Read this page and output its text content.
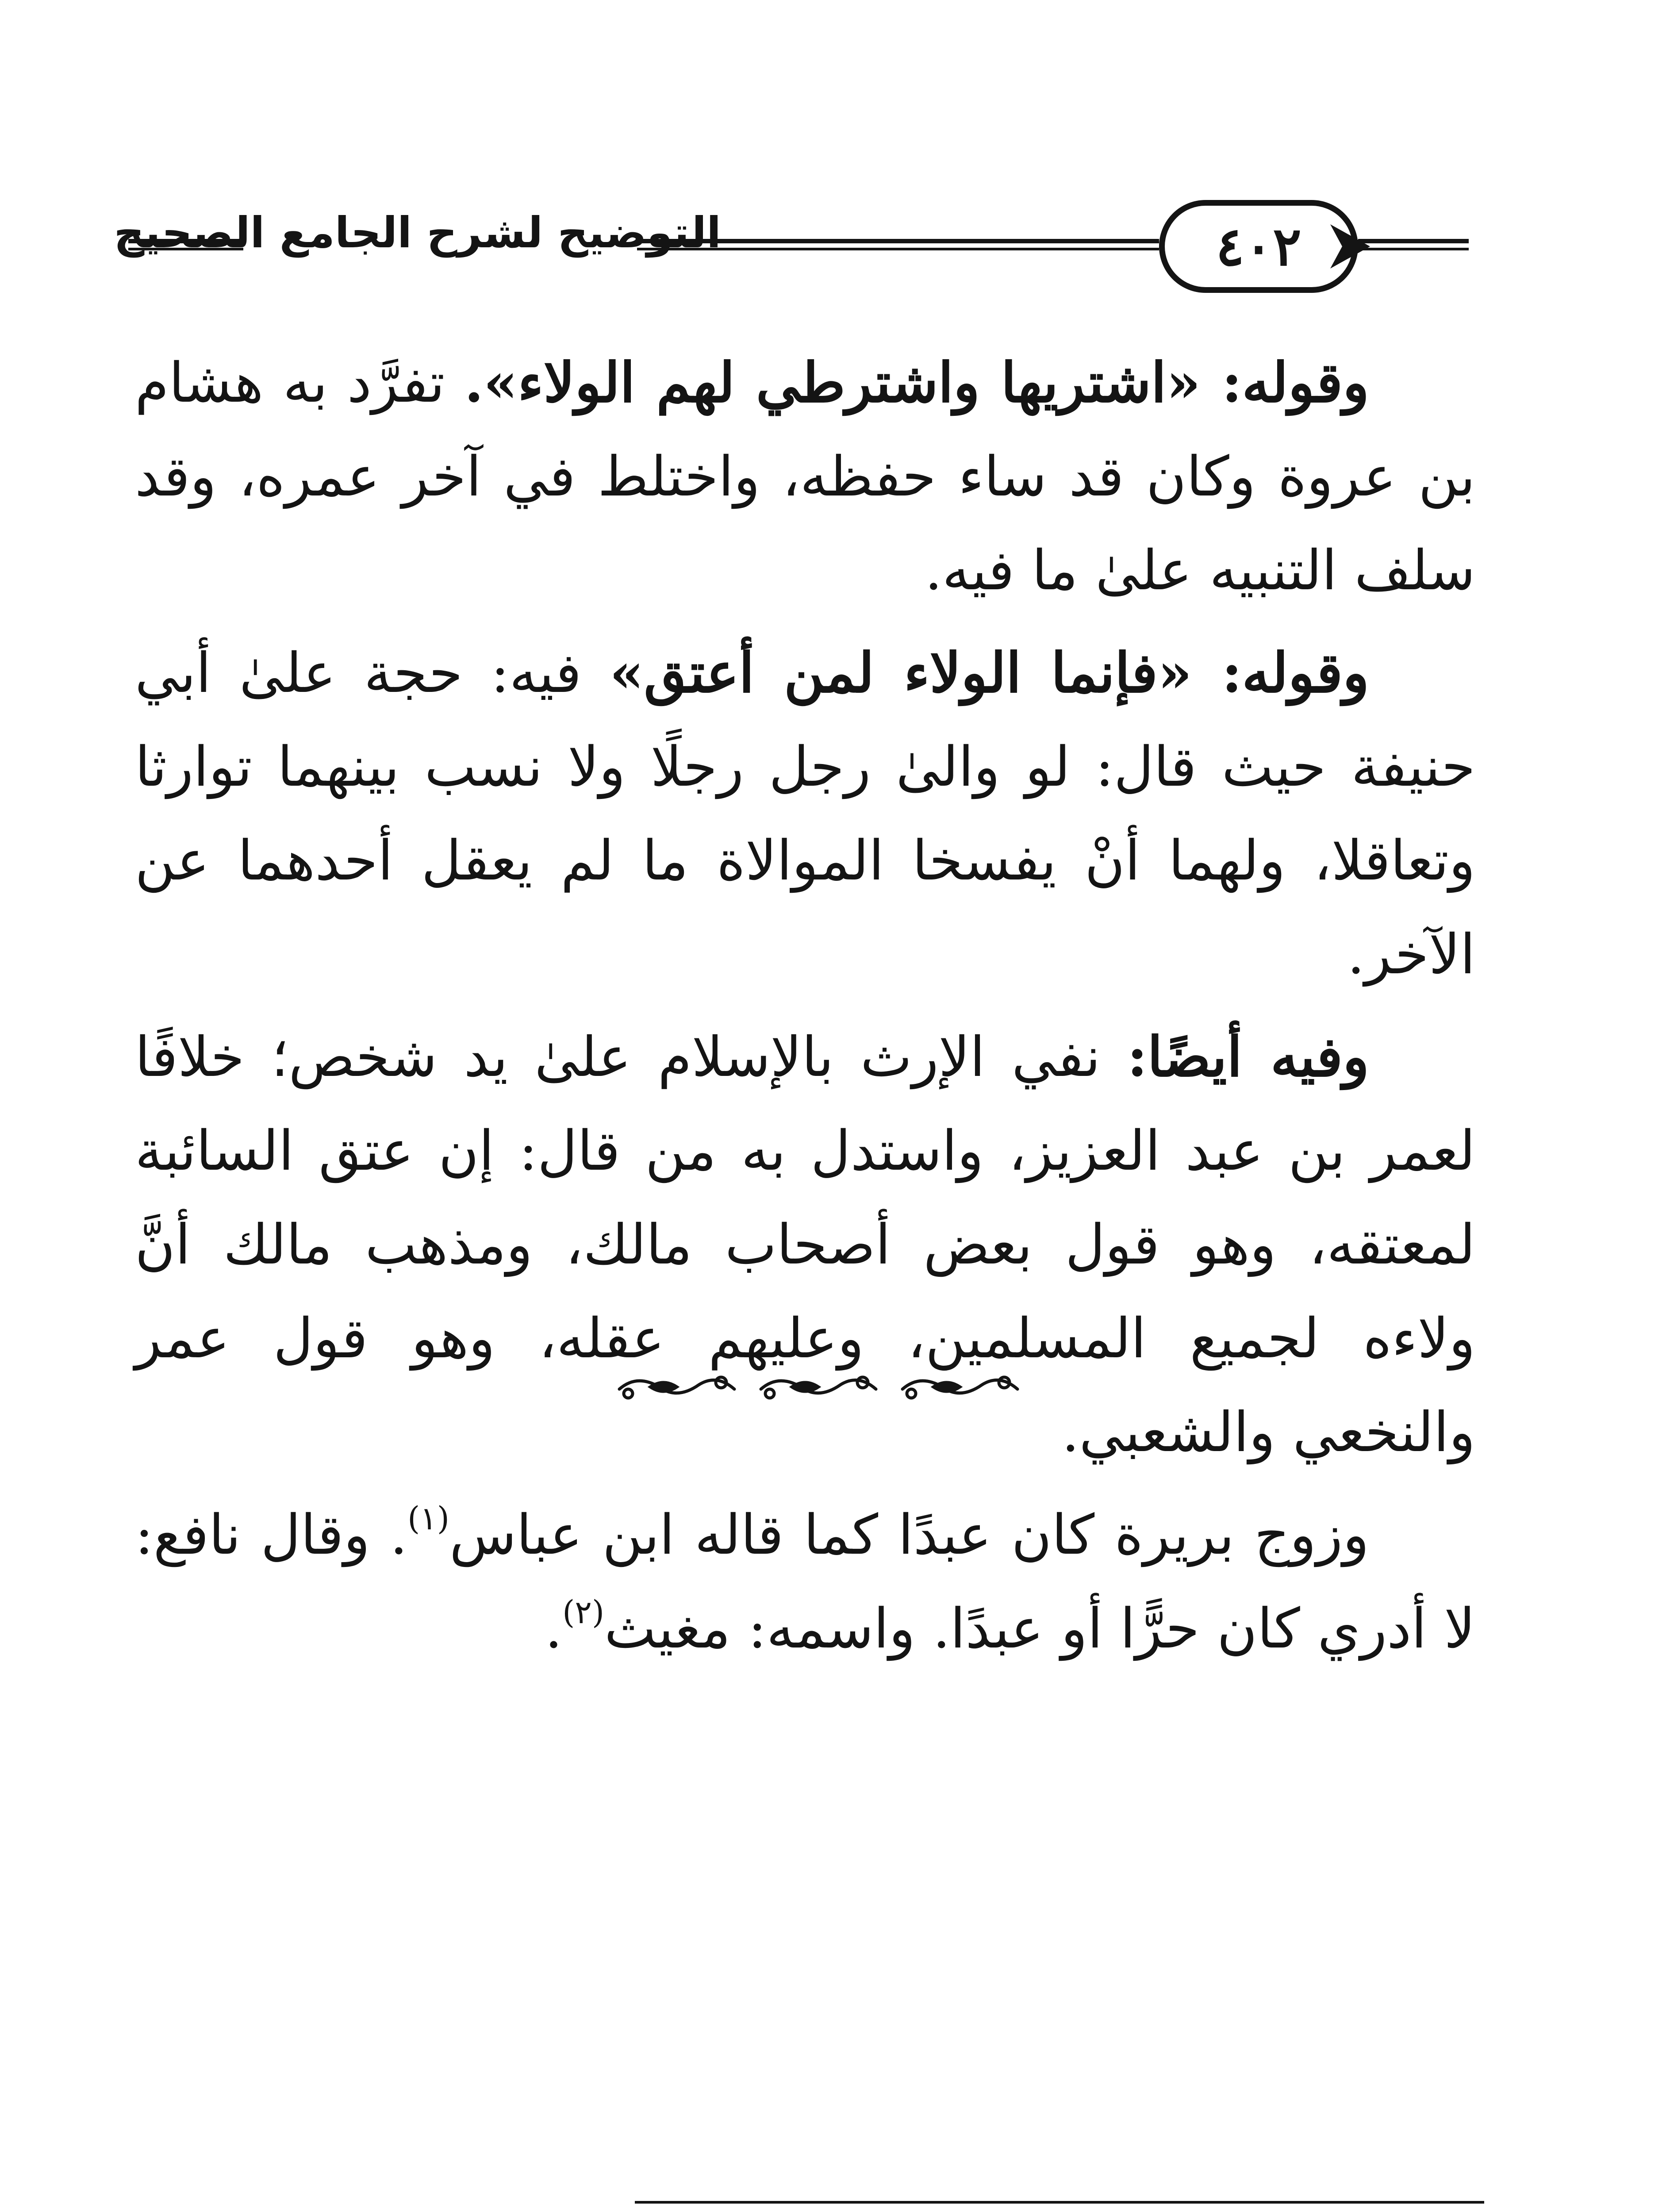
٤٠٢
التوضيح لشرح الجامع الصحيح

وقوله: «اشتريها واشترطي لهم الولاء». تفرَّد به هشام بن عروة وكان قد ساء حفظه، واختلط في آخر عمره، وقد سلف التنبيه علىٰ ما فيه.

وقوله: «فإنما الولاء لمن أعتق» فيه: حجة علىٰ أبي حنيفة حيث قال: لو والىٰ رجل رجلًا ولا نسب بينهما توارثا وتعاقلا، ولهما أنْ يفسخا الموالاة ما لم يعقل أحدهما عن الآخر.

وفيه أيضًا: نفي الإرث بالإسلام علىٰ يد شخص؛ خلافًا لعمر بن عبد العزيز، واستدل به من قال: إن عتق السائبة لمعتقه، وهو قول بعض أصحاب مالك، ومذهب مالك أنَّ ولاءه لجميع المسلمين، وعليهم عقله، وهو قول عمر والنخعي والشعبي.

وزوج بريرة كان عبدًا كما قاله ابن عباس$^{(١)}$. وقال نافع: لا أدري كان حرًّا أو عبدًا. واسمه: مغيث$^{(٢)}$.
